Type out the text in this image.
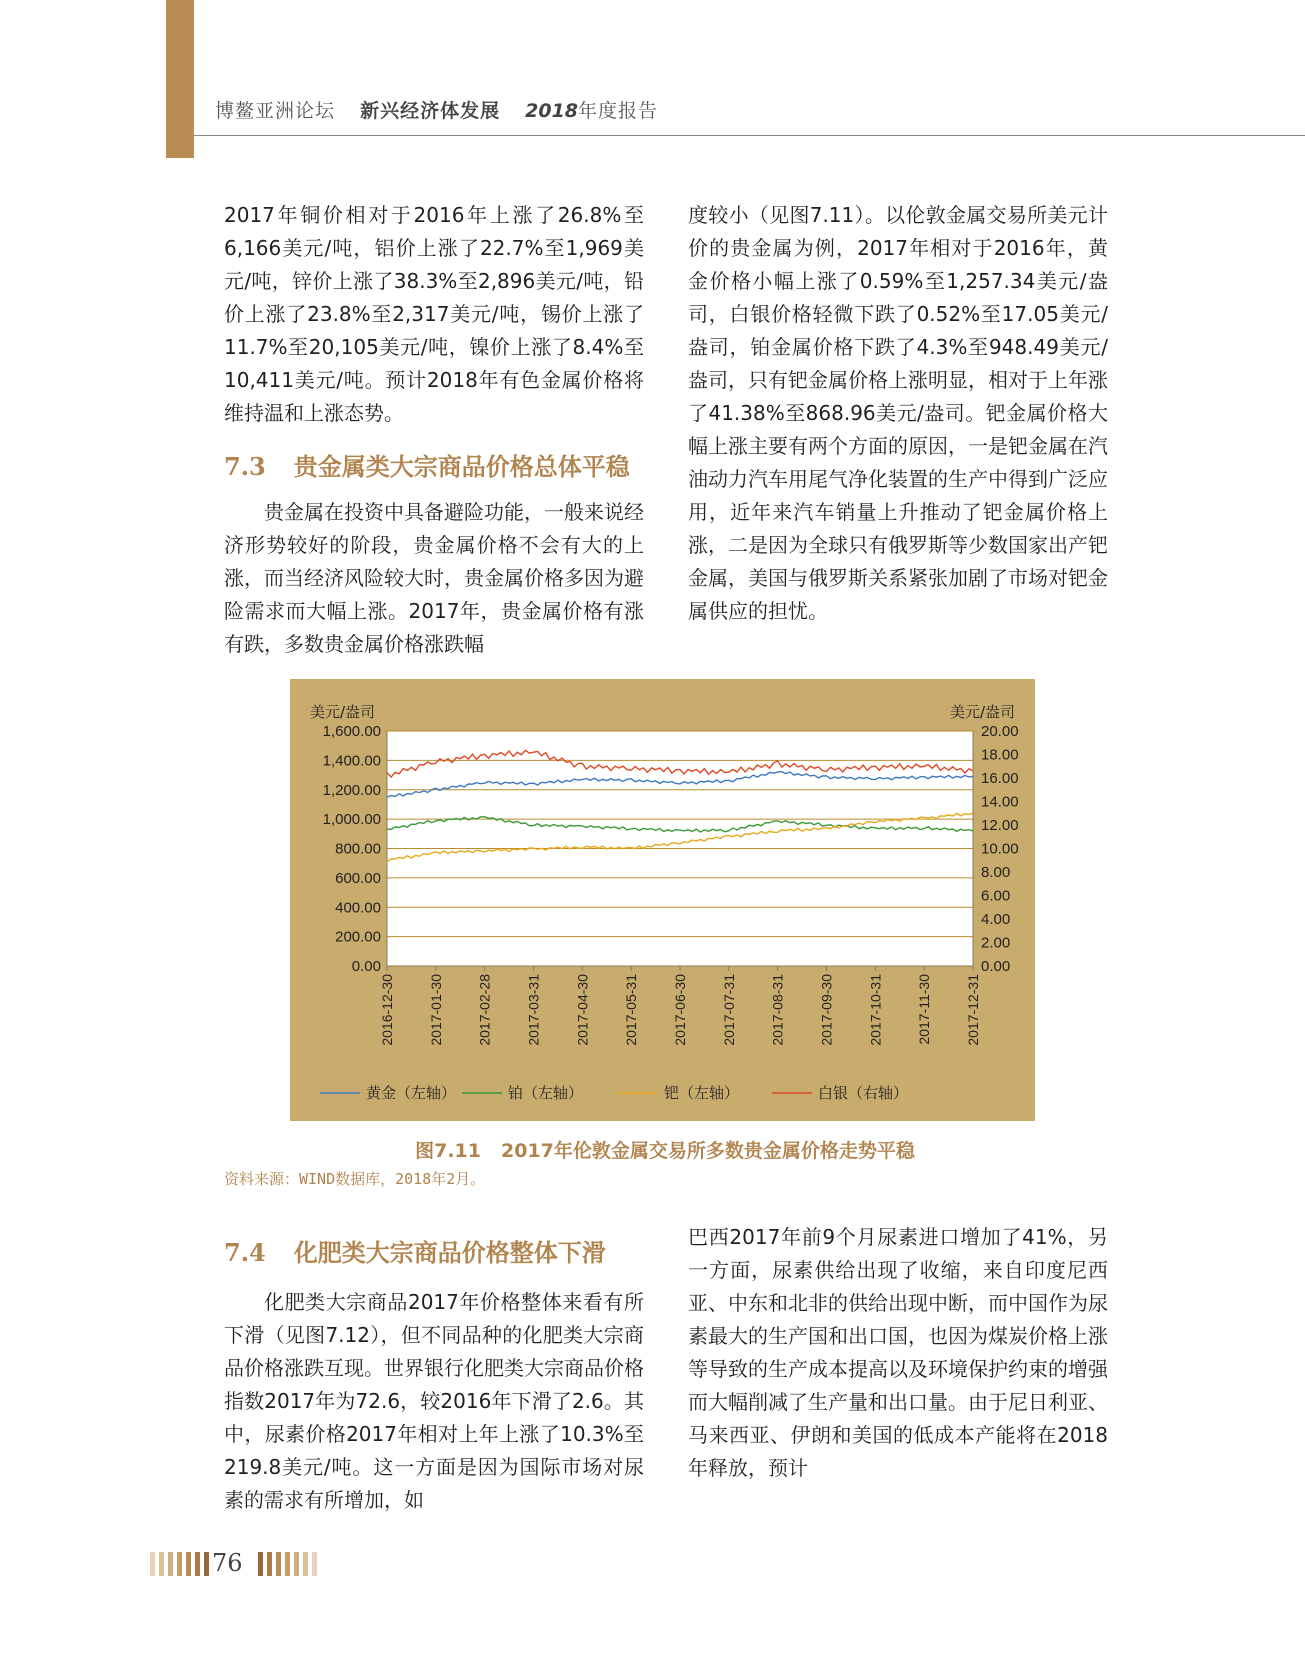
博鳌亚洲论坛 新兴经济体发展 2018年度报告

2017年铜价相对于2016年上涨了26.8%至6,166美元/吨，铝价上涨了22.7%至1,969美元/吨，锌价上涨了38.3%至2,896美元/吨，铅价上涨了23.8%至2,317美元/吨，锡价上涨了11.7%至20,105美元/吨，镍价上涨了8.4%至10,411美元/吨。预计2018年有色金属价格将维持温和上涨态势。

7.3 贵金属类大宗商品价格总体平稳

贵金属在投资中具备避险功能，一般来说经济形势较好的阶段，贵金属价格不会有大的上涨，而当经济风险较大时，贵金属价格多因为避险需求而大幅上涨。2017年，贵金属价格有涨有跌，多数贵金属价格涨跌幅

度较小（见图7.11）。以伦敦金属交易所美元计价的贵金属为例，2017年相对于2016年，黄金价格小幅上涨了0.59%至1,257.34美元/盎司，白银价格轻微下跌了0.52%至17.05美元/盎司，铂金属价格下跌了4.3%至948.49美元/盎司，只有钯金属价格上涨明显，相对于上年涨了41.38%至868.96美元/盎司。钯金属价格大幅上涨主要有两个方面的原因，一是钯金属在汽油动力汽车用尾气净化装置的生产中得到广泛应用，近年来汽车销量上升推动了钯金属价格上涨，二是因为全球只有俄罗斯等少数国家出产钯金属，美国与俄罗斯关系紧张加剧了市场对钯金属供应的担忧。

0.00
200.00
400.00
600.00
800.00
1,000.00
1,200.00
1,400.00
1,600.00
0.00
2.00
4.00
6.00
8.00
10.00
12.00
14.00
16.00
18.00
20.00
美元/盎司	美元/盎司
2016-12-30 2017-01-30 2017-02-28 2017-03-31 2017-04-30 2017-05-31 2017-06-30 2017-07-31 2017-08-31 2017-09-30 2017-10-31 2017-11-30 2017-12-31
黄金（左轴）	铂（左轴）	钯（左轴）	白银（右轴）
图7.11 2017年伦敦金属交易所多数贵金属价格走势平稳
资料来源：WIND数据库，2018年2月。
7.4 化肥类大宗商品价格整体下滑

化肥类大宗商品2017年价格整体来看有所下滑（见图7.12），但不同品种的化肥类大宗商品价格涨跌互现。世界银行化肥类大宗商品价格指数2017年为72.6，较2016年下滑了2.6。其中，尿素价格2017年相对上年上涨了10.3%至219.8美元/吨。这一方面是因为国际市场对尿素的需求有所增加，如

巴西2017年前9个月尿素进口增加了41%，另一方面，尿素供给出现了收缩，来自印度尼西亚、中东和北非的供给出现中断，而中国作为尿素最大的生产国和出口国，也因为煤炭价格上涨等导致的生产成本提高以及环境保护约束的增强而大幅削减了生产量和出口量。由于尼日利亚、马来西亚、伊朗和美国的低成本产能将在2018年释放，预计

76
